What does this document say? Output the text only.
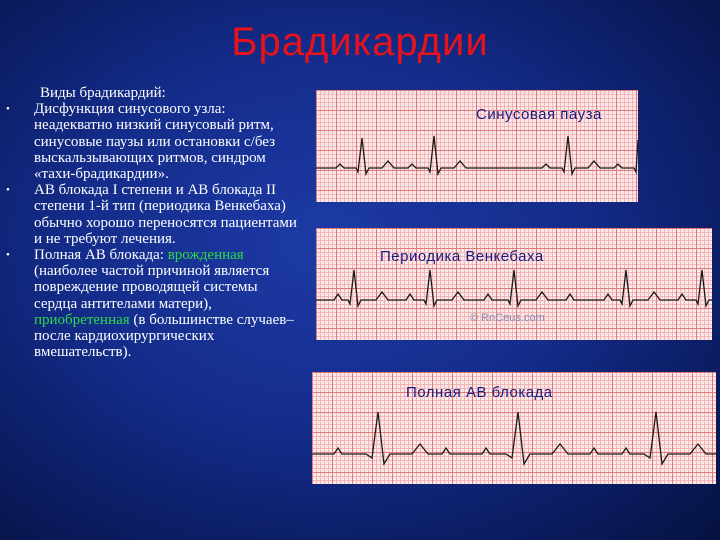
Брадикардии
Виды брадикардий:
• Дисфункция синусового узла: неадекватно низкий синусовый ритм, синусовые паузы или остановки с/без выскальзывающих ритмов, синдром «тахи-брадикардии».
• АВ блокада I степени и АВ блокада II степени 1-й тип (периодика Венкебаха) обычно хорошо переносятся пациентами и не требуют лечения.
• Полная АВ блокада: врожденная (наиболее частой причиной является повреждение проводящей системы сердца антителами матери),
приобретенная (в большинстве случаев– после кардиохирургических вмешательств).
Синусовая пауза
Периодика Венкебаха
© RnCeus.com
Полная АВ блокада
